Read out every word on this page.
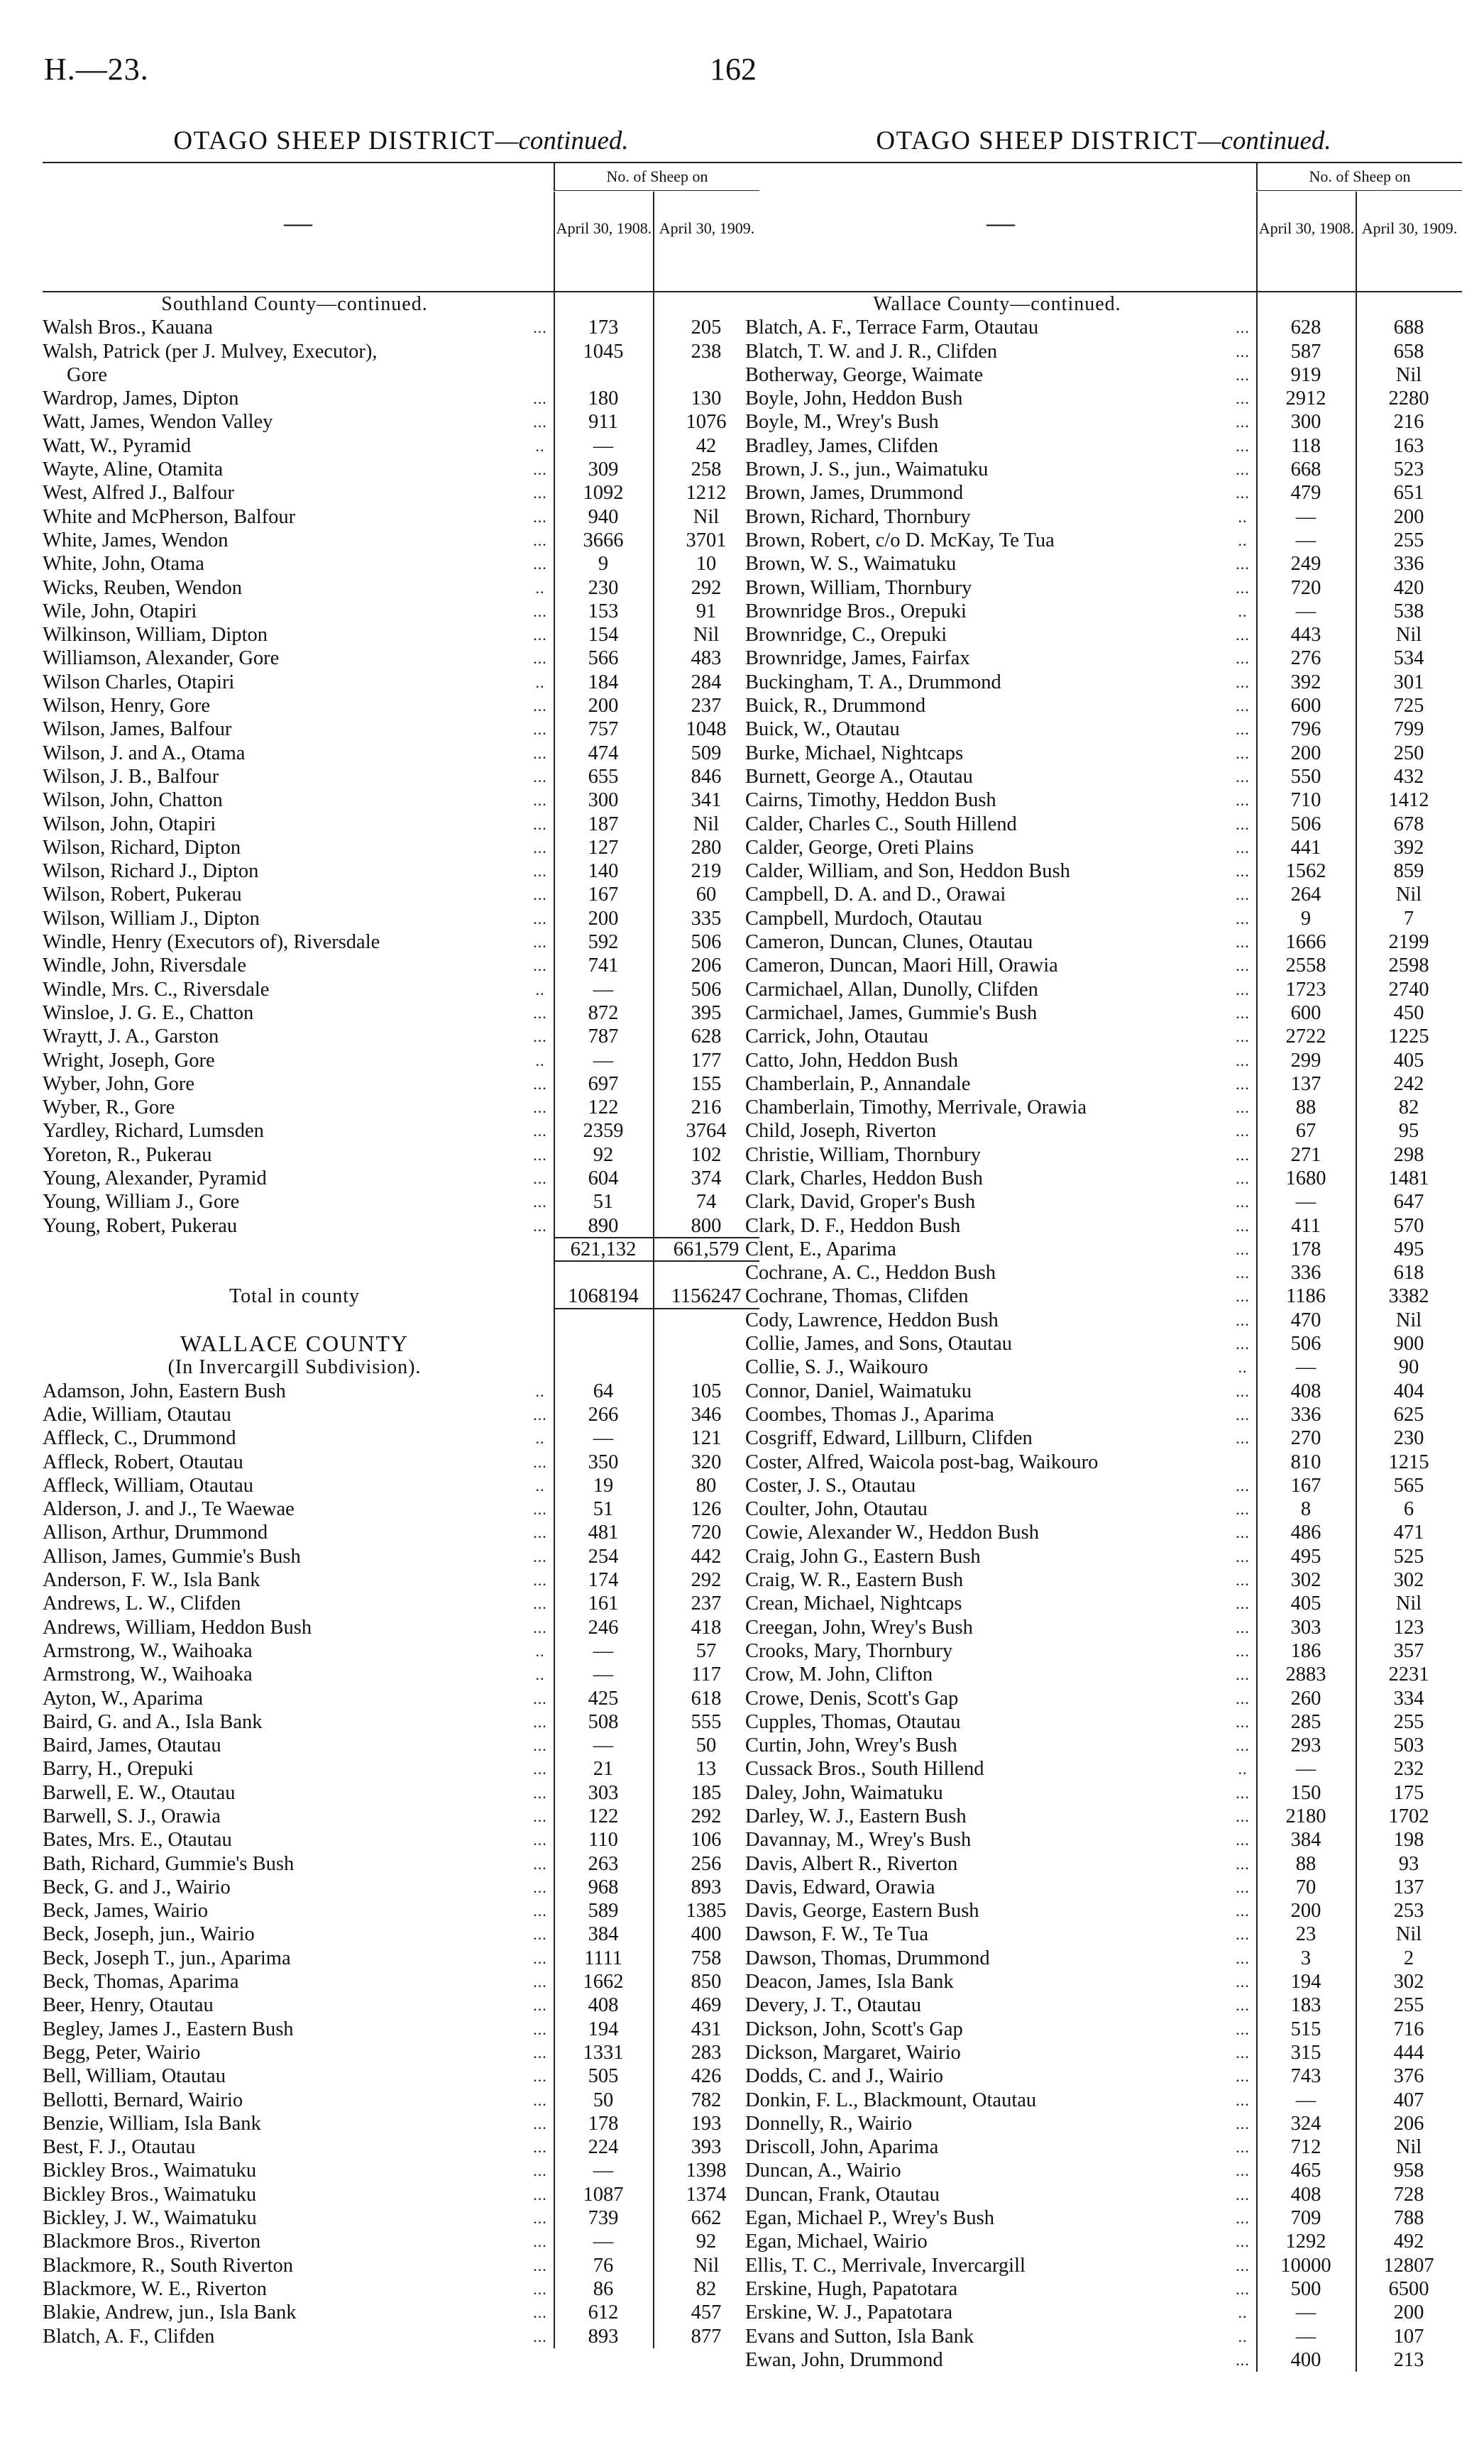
H.—23.	162
OTAGO SHEEP DISTRICT—continued.
—
No. of Sheep on
April 30, 1908. April 30, 1909.
Southland County—continued.
Walsh Bros., Kauana	...	173	205
Walsh, Patrick (per J. Mulvey, Executor),	1045	238
Gore
Wardrop, James, Dipton	...	180	130
Watt, James, Wendon Valley	...	911	1076
Watt, W., Pyramid	..	—	42
Wayte, Aline, Otamita	...	309	258
West, Alfred J., Balfour	...	1092	1212
White and McPherson, Balfour	...	940	Nil
White, James, Wendon	...	3666	3701
White, John, Otama	...	9	10
Wicks, Reuben, Wendon	..	230	292
Wile, John, Otapiri	...	153	91
Wilkinson, William, Dipton	...	154	Nil
Williamson, Alexander, Gore	...	566	483
Wilson Charles, Otapiri	..	184	284
Wilson, Henry, Gore	...	200	237
Wilson, James, Balfour	...	757	1048
Wilson, J. and A., Otama	...	474	509
Wilson, J. B., Balfour	...	655	846
Wilson, John, Chatton	...	300	341
Wilson, John, Otapiri	...	187	Nil
Wilson, Richard, Dipton	...	127	280
Wilson, Richard J., Dipton	...	140	219
Wilson, Robert, Pukerau	...	167	60
Wilson, William J., Dipton	...	200	335
Windle, Henry (Executors of), Riversdale	...	592	506
Windle, John, Riversdale	...	741	206
Windle, Mrs. C., Riversdale	..	—	506
Winsloe, J. G. E., Chatton	...	872	395
Wraytt, J. A., Garston	...	787	628
Wright, Joseph, Gore	..	—	177
Wyber, John, Gore	...	697	155
Wyber, R., Gore	...	122	216
Yardley, Richard, Lumsden	...	2359	3764
Yoreton, R., Pukerau	...	92	102
Young, Alexander, Pyramid	...	604	374
Young, William J., Gore	...	51	74
Young, Robert, Pukerau	...	890	800
621,132	661,579
Total in county	1068194	1156247
WALLACE COUNTY
(In Invercargill Subdivision).
Adamson, John, Eastern Bush	..	64	105
Adie, William, Otautau	...	266	346
Affleck, C., Drummond	..	—	121
Affleck, Robert, Otautau	...	350	320
Affleck, William, Otautau	..	19	80
Alderson, J. and J., Te Waewae	...	51	126
Allison, Arthur, Drummond	...	481	720
Allison, James, Gummie's Bush	...	254	442
Anderson, F. W., Isla Bank	...	174	292
Andrews, L. W., Clifden	...	161	237
Andrews, William, Heddon Bush	...	246	418
Armstrong, W., Waihoaka	..	—	57
Armstrong, W., Waihoaka	..	—	117
Ayton, W., Aparima	...	425	618
Baird, G. and A., Isla Bank	...	508	555
Baird, James, Otautau	...	—	50
Barry, H., Orepuki	...	21	13
Barwell, E. W., Otautau	...	303	185
Barwell, S. J., Orawia	...	122	292
Bates, Mrs. E., Otautau	...	110	106
Bath, Richard, Gummie's Bush	...	263	256
Beck, G. and J., Wairio	...	968	893
Beck, James, Wairio	...	589	1385
Beck, Joseph, jun., Wairio	...	384	400
Beck, Joseph T., jun., Aparima	...	1111	758
Beck, Thomas, Aparima	...	1662	850
Beer, Henry, Otautau	...	408	469
Begley, James J., Eastern Bush	...	194	431
Begg, Peter, Wairio	...	1331	283
Bell, William, Otautau	...	505	426
Bellotti, Bernard, Wairio	...	50	782
Benzie, William, Isla Bank	...	178	193
Best, F. J., Otautau	...	224	393
Bickley Bros., Waimatuku	...	—	1398
Bickley Bros., Waimatuku	...	1087	1374
Bickley, J. W., Waimatuku	...	739	662
Blackmore Bros., Riverton	...	—	92
Blackmore, R., South Riverton	...	76	Nil
Blackmore, W. E., Riverton	...	86	82
Blakie, Andrew, jun., Isla Bank	...	612	457
Blatch, A. F., Clifden	...	893	877
OTAGO SHEEP DISTRICT—continued.
—
No. of Sheep on
April 30, 1908. April 30, 1909.
Wallace County—continued.
Blatch, A. F., Terrace Farm, Otautau	...	628	688
Blatch, T. W. and J. R., Clifden	...	587	658
Botherway, George, Waimate	...	919	Nil
Boyle, John, Heddon Bush	...	2912	2280
Boyle, M., Wrey's Bush	...	300	216
Bradley, James, Clifden	...	118	163
Brown, J. S., jun., Waimatuku	...	668	523
Brown, James, Drummond	...	479	651
Brown, Richard, Thornbury	..	—	200
Brown, Robert, c/o D. McKay, Te Tua	..	—	255
Brown, W. S., Waimatuku	...	249	336
Brown, William, Thornbury	...	720	420
Brownridge Bros., Orepuki	..	—	538
Brownridge, C., Orepuki	...	443	Nil
Brownridge, James, Fairfax	...	276	534
Buckingham, T. A., Drummond	...	392	301
Buick, R., Drummond	...	600	725
Buick, W., Otautau	...	796	799
Burke, Michael, Nightcaps	...	200	250
Burnett, George A., Otautau	...	550	432
Cairns, Timothy, Heddon Bush	...	710	1412
Calder, Charles C., South Hillend	...	506	678
Calder, George, Oreti Plains	...	441	392
Calder, William, and Son, Heddon Bush	...	1562	859
Campbell, D. A. and D., Orawai	...	264	Nil
Campbell, Murdoch, Otautau	...	9	7
Cameron, Duncan, Clunes, Otautau	...	1666	2199
Cameron, Duncan, Maori Hill, Orawia	...	2558	2598
Carmichael, Allan, Dunolly, Clifden	...	1723	2740
Carmichael, James, Gummie's Bush	...	600	450
Carrick, John, Otautau	...	2722	1225
Catto, John, Heddon Bush	...	299	405
Chamberlain, P., Annandale	...	137	242
Chamberlain, Timothy, Merrivale, Orawia	...	88	82
Child, Joseph, Riverton	...	67	95
Christie, William, Thornbury	...	271	298
Clark, Charles, Heddon Bush	...	1680	1481
Clark, David, Groper's Bush	...	—	647
Clark, D. F., Heddon Bush	...	411	570
Clent, E., Aparima	...	178	495
Cochrane, A. C., Heddon Bush	...	336	618
Cochrane, Thomas, Clifden	...	1186	3382
Cody, Lawrence, Heddon Bush	...	470	Nil
Collie, James, and Sons, Otautau	...	506	900
Collie, S. J., Waikouro	..	—	90
Connor, Daniel, Waimatuku	...	408	404
Coombes, Thomas J., Aparima	...	336	625
Cosgriff, Edward, Lillburn, Clifden	...	270	230
Coster, Alfred, Waicola post-bag, Waikouro	810	1215
Coster, J. S., Otautau	...	167	565
Coulter, John, Otautau	...	8	6
Cowie, Alexander W., Heddon Bush	...	486	471
Craig, John G., Eastern Bush	...	495	525
Craig, W. R., Eastern Bush	...	302	302
Crean, Michael, Nightcaps	...	405	Nil
Creegan, John, Wrey's Bush	...	303	123
Crooks, Mary, Thornbury	...	186	357
Crow, M. John, Clifton	...	2883	2231
Crowe, Denis, Scott's Gap	...	260	334
Cupples, Thomas, Otautau	...	285	255
Curtin, John, Wrey's Bush	...	293	503
Cussack Bros., South Hillend	..	—	232
Daley, John, Waimatuku	...	150	175
Darley, W. J., Eastern Bush	...	2180	1702
Davannay, M., Wrey's Bush	...	384	198
Davis, Albert R., Riverton	...	88	93
Davis, Edward, Orawia	...	70	137
Davis, George, Eastern Bush	...	200	253
Dawson, F. W., Te Tua	...	23	Nil
Dawson, Thomas, Drummond	...	3	2
Deacon, James, Isla Bank	...	194	302
Devery, J. T., Otautau	...	183	255
Dickson, John, Scott's Gap	...	515	716
Dickson, Margaret, Wairio	...	315	444
Dodds, C. and J., Wairio	...	743	376
Donkin, F. L., Blackmount, Otautau	...	—	407
Donnelly, R., Wairio	...	324	206
Driscoll, John, Aparima	...	712	Nil
Duncan, A., Wairio	...	465	958
Duncan, Frank, Otautau	...	408	728
Egan, Michael P., Wrey's Bush	...	709	788
Egan, Michael, Wairio	...	1292	492
Ellis, T. C., Merrivale, Invercargill	...	10000	12807
Erskine, Hugh, Papatotara	...	500	6500
Erskine, W. J., Papatotara	..	—	200
Evans and Sutton, Isla Bank	..	—	107
Ewan, John, Drummond	...	400	213
